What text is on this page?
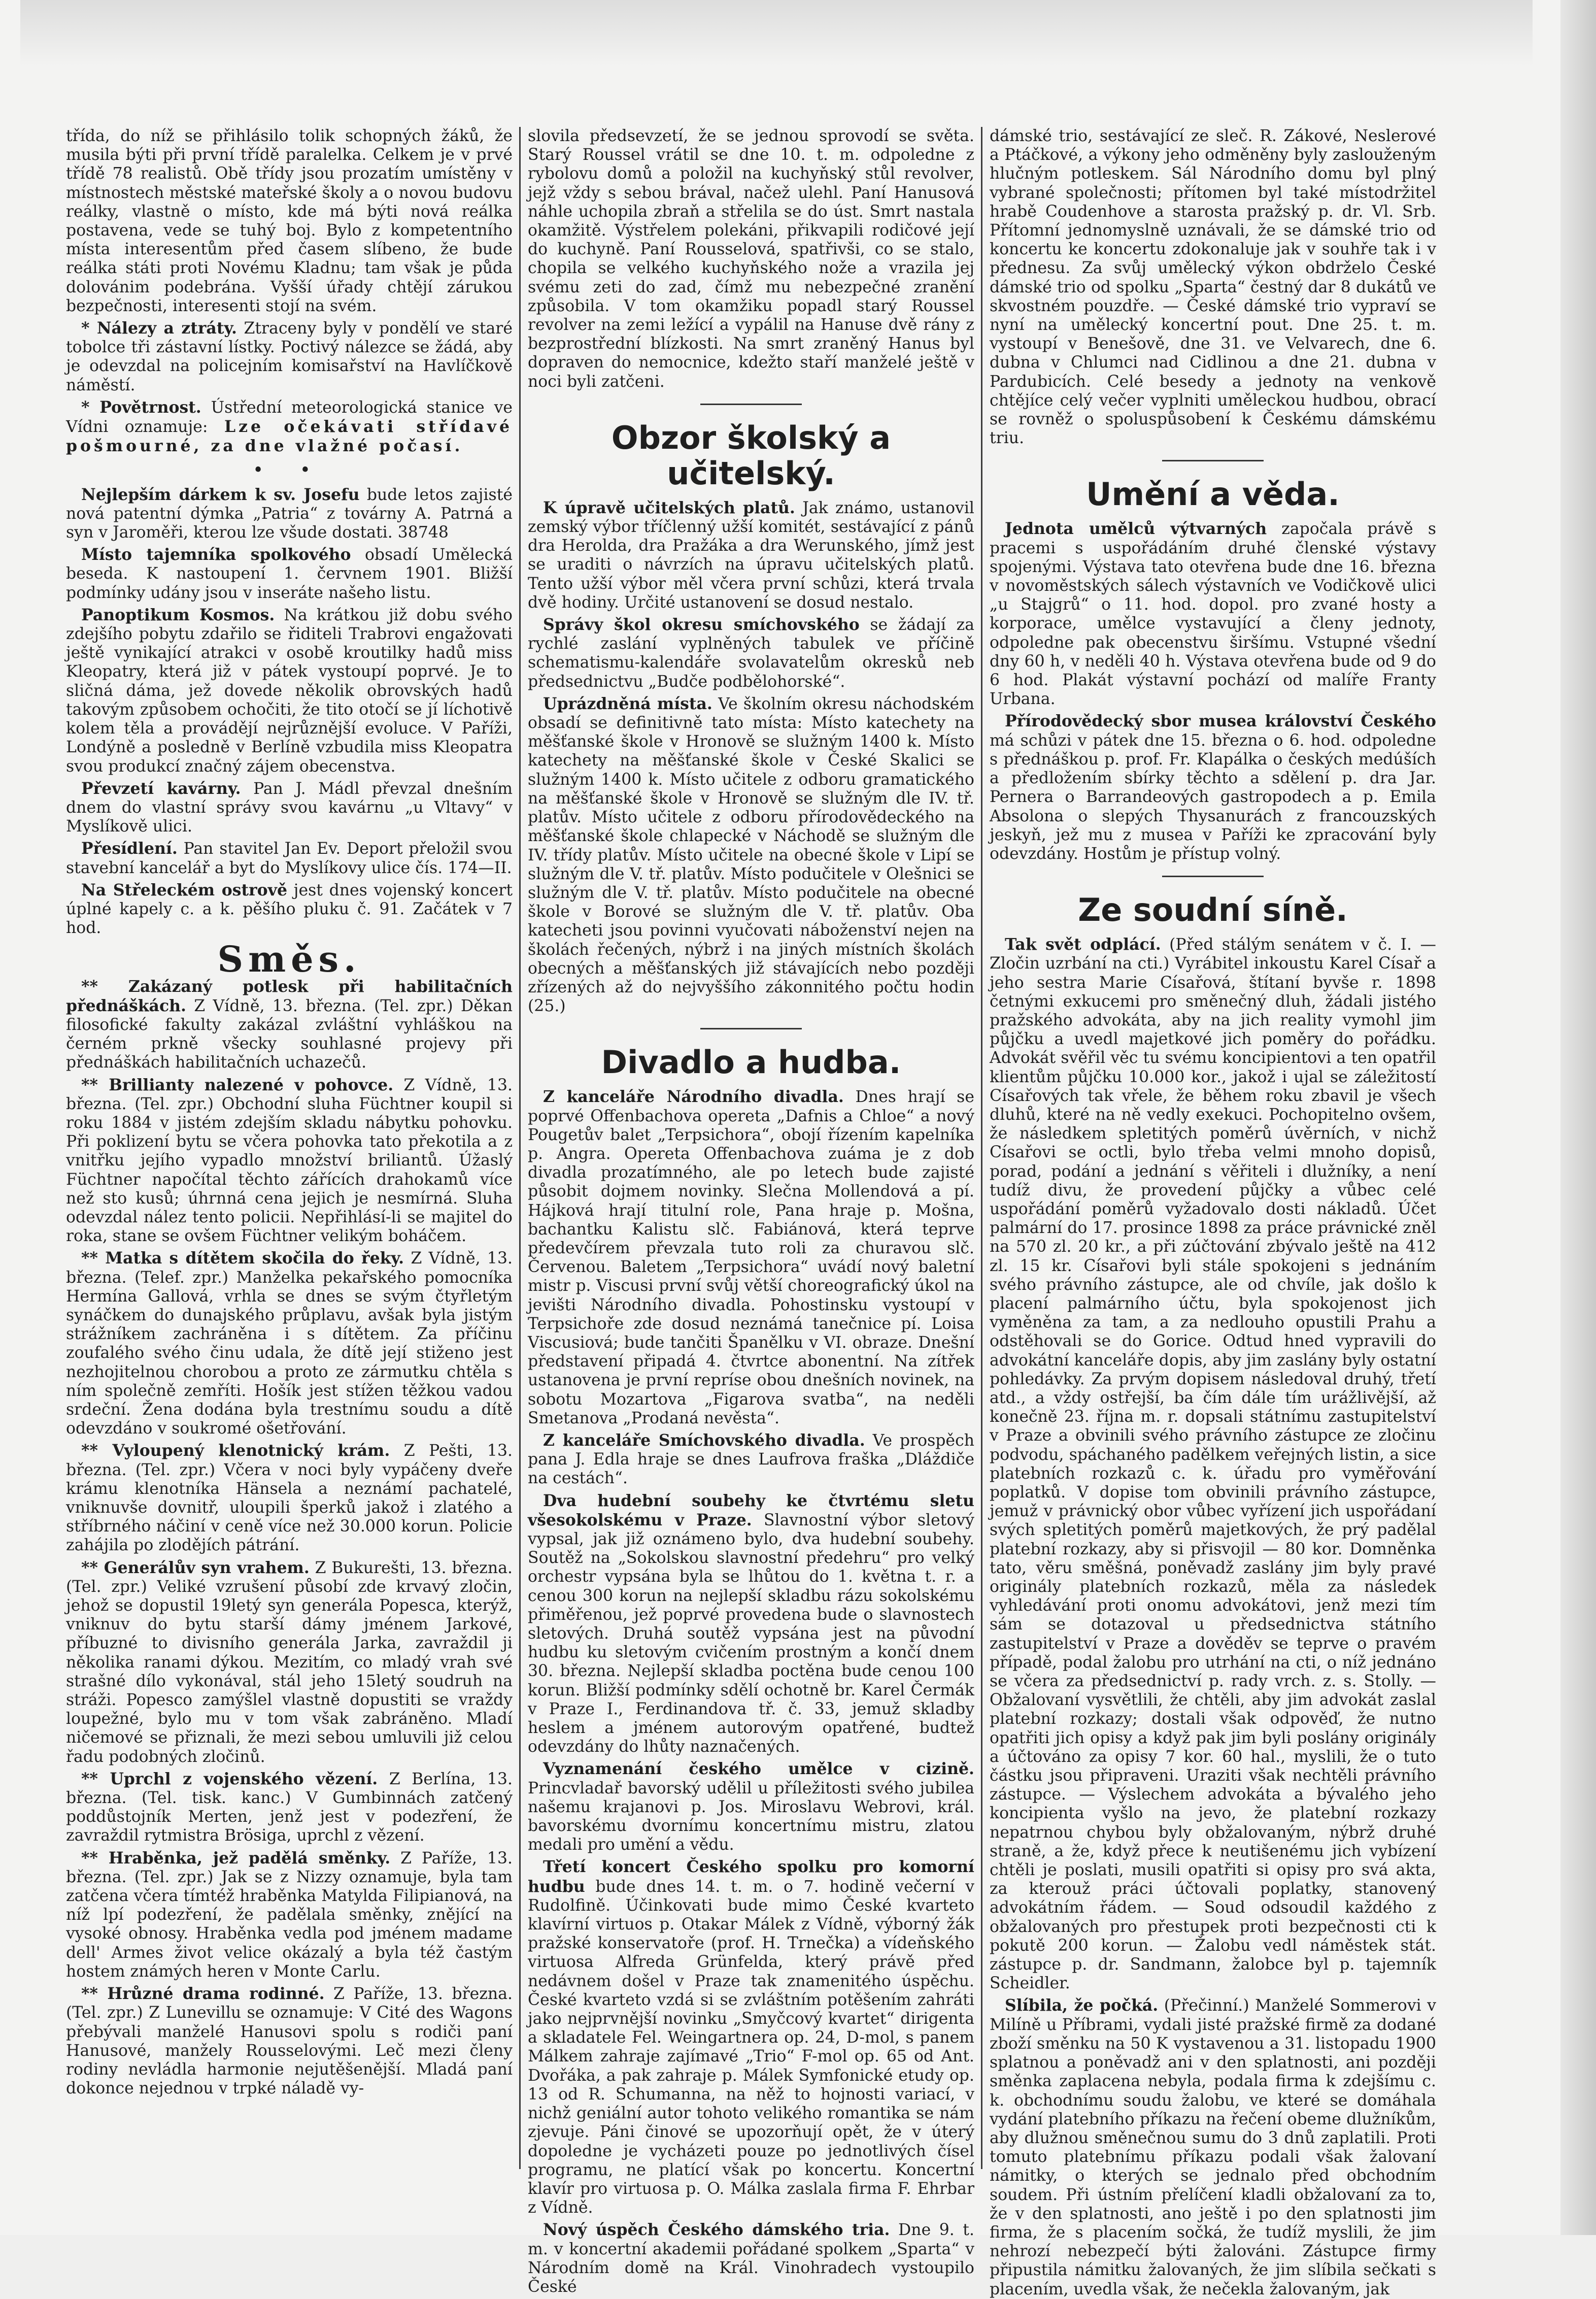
třída, do níž se přihlásilo tolik schopných žáků, že musila býti při první třídě paralelka. Celkem je v prvé třídě 78 realistů. Obě třídy jsou prozatím umístěny v místnostech městské mateřské školy a o novou budovu reálky, vlastně o místo, kde má býti nová reálka postavena, vede se tuhý boj. Bylo z kompetentního místa interesentům před časem slíbeno, že bude reálka státi proti Novému Kladnu; tam však je půda dolovánim podebrána. Vyšší úřady chtějí zárukou bezpečnosti, interesenti stojí na svém.

* Nálezy a ztráty. Ztraceny byly v pondělí ve staré tobolce tři zástavní lístky. Poctivý nálezce se žádá, aby je odevzdal na policejním komisařství na Havlíčkově náměstí.

* Povětrnost. Ústřední meteorologická stanice ve Vídni oznamuje: Lze očekávati střídavé pošmourné, za dne vlažné počasí.

• •

Nejlepším dárkem k sv. Josefu bude letos zajisté nová patentní dýmka „Patria“ z továrny A. Patrná a syn v Jaroměři, kterou lze všude dostati. 38748

Místo tajemníka spolkového obsadí Umělecká beseda. K nastoupení 1. červnem 1901. Bližší podmínky udány jsou v inseráte našeho listu.

Panoptikum Kosmos. Na krátkou již dobu svého zdejšího pobytu zdařilo se řiditeli Trabrovi engažovati ještě vynikající atrakci v osobě kroutilky hadů miss Kleopatry, která již v pátek vystoupí poprvé. Je to sličná dáma, jež dovede několik obrovských hadů takovým způsobem ochočiti, že tito otočí se jí líchotivě kolem těla a provádějí nejrůznější evoluce. V Paříži, Londýně a posledně v Berlíně vzbudila miss Kleopatra svou produkcí značný zájem obecenstva.

Převzetí kavárny. Pan J. Mádl převzal dnešním dnem do vlastní správy svou kavárnu „u Vltavy“ v Myslíkově ulici.

Přesídlení. Pan stavitel Jan Ev. Deport přeložil svou stavební kancelář a byt do Myslíkovy ulice čís. 174—II.

Na Střeleckém ostrově jest dnes vojenský koncert úplné kapely c. a k. pěšího pluku č. 91. Začátek v 7 hod.

Směs.

** Zakázaný potlesk při habilitačních přednáškách. Z Vídně, 13. března. (Tel. zpr.) Děkan filosofické fakulty zakázal zvláštní vyhláškou na černém prkně všecky souhlasné projevy při přednáškách habilitačních uchazečů.

** Brillianty nalezené v pohovce. Z Vídně, 13. března. (Tel. zpr.) Obchodní sluha Füchtner koupil si roku 1884 v jistém zdejším skladu nábytku pohovku. Při poklizení bytu se včera pohovka tato překotila a z vnitřku jejího vypadlo množství briliantů. Úžaslý Füchtner napočítal těchto zářících drahokamů více než sto kusů; úhrnná cena jejich je nesmírná. Sluha odevzdal nález tento policii. Nepřihlásí-li se majitel do roka, stane se ovšem Füchtner velikým boháčem.

** Matka s dítětem skočila do řeky. Z Vídně, 13. března. (Telef. zpr.) Manželka pekařského pomocníka Hermína Gallová, vrhla se dnes se svým čtyřletým synáčkem do dunajského průplavu, avšak byla jistým strážníkem zachráněna i s dítětem. Za příčinu zoufalého svého činu udala, že dítě její stiženo jest nezhojitelnou chorobou a proto ze zármutku chtěla s ním společně zemříti. Hošík jest stížen těžkou vadou srdeční. Žena dodána byla trestnímu soudu a dítě odevzdáno v soukromé ošetřování.

** Vyloupený klenotnický krám. Z Pešti, 13. března. (Tel. zpr.) Včera v noci byly vypáčeny dveře krámu klenotníka Hänsela a neznámí pachatelé, vniknuvše dovnitř, uloupili šperků jakož i zlatého a stříbrného náčiní v ceně více než 30.000 korun. Policie zahájila po zlodějích pátrání.

** Generálův syn vrahem. Z Bukurešti, 13. března. (Tel. zpr.) Veliké vzrušení působí zde krvavý zločin, jehož se dopustil 19letý syn generála Popesca, kterýž, vniknuv do bytu starší dámy jménem Jarkové, příbuzné to divisního generála Jarka, zavraždil ji několika ranami dýkou. Mezitím, co mladý vrah své strašné dílo vykonával, stál jeho 15letý soudruh na stráži. Popesco zamýšlel vlastně dopustiti se vraždy loupežné, bylo mu v tom však zabráněno. Mladí ničemové se přiznali, že mezi sebou umluvili již celou řadu podobných zločinů.

** Uprchl z vojenského vězení. Z Berlína, 13. března. (Tel. tisk. kanc.) V Gumbinnách zatčený poddůstojník Merten, jenž jest v podezření, že zavraždil rytmistra Brösiga, uprchl z vězení.

** Hraběnka, jež padělá směnky. Z Paříže, 13. března. (Tel. zpr.) Jak se z Nizzy oznamuje, byla tam zatčena včera tímtéž hraběnka Matylda Filipianová, na níž lpí podezření, že padělala směnky, znějící na vysoké obnosy. Hraběnka vedla pod jménem madame dell' Armes život velice okázalý a byla též častým hostem známých heren v Monte Carlu.

** Hrůzné drama rodinné. Z Paříže, 13. března. (Tel. zpr.) Z Lunevillu se oznamuje: V Cité des Wagons přebývali manželé Hanusovi spolu s rodiči paní Hanusové, manžely Rousselovými. Leč mezi členy rodiny nevládla harmonie nejutěšenější. Mladá paní dokonce nejednou v trpké náladě vy-

slovila předsevzetí, že se jednou sprovodí se světa. Starý Roussel vrátil se dne 10. t. m. odpoledne z rybolovu domů a položil na kuchyňský stůl revolver, jejž vždy s sebou brával, načež ulehl. Paní Hanusová náhle uchopila zbraň a střelila se do úst. Smrt nastala okamžitě. Výstřelem polekáni, přikvapili rodičové její do kuchyně. Paní Rousselová, spatřivši, co se stalo, chopila se velkého kuchyňského nože a vrazila jej svému zeti do zad, čímž mu nebezpečné zranění způsobila. V tom okamžiku popadl starý Roussel revolver na zemi ležící a vypálil na Hanuse dvě rány z bezprostřední blízkosti. Na smrt zraněný Hanus byl dopraven do nemocnice, kdežto staří manželé ještě v noci byli zatčeni.

Obzor školský a učitelský.

K úpravě učitelských platů. Jak známo, ustanovil zemský výbor tříčlenný užší komitét, sestávající z pánů dra Herolda, dra Pražáka a dra Werunského, jímž jest se uraditi o návrzích na úpravu učitelských platů. Tento užší výbor měl včera první schůzi, která trvala dvě hodiny. Určité ustanovení se dosud nestalo.

Správy škol okresu smíchovského se žádají za rychlé zaslání vyplněných tabulek ve příčině schematismu-kalendáře svolavatelům okresků neb předsednictvu „Budče podbělohorské“.

Uprázdněná místa. Ve školním okresu náchodském obsadí se definitivně tato místa: Místo katechety na měšťanské škole v Hronově se služným 1400 k. Místo katechety na měšťanské škole v České Skalici se služným 1400 k. Místo učitele z odboru gramatického na měšťanské škole v Hronově se služným dle IV. tř. platův. Místo učitele z odboru přírodovědeckého na měšťanské škole chlapecké v Náchodě se služným dle IV. třídy platův. Místo učitele na obecné škole v Lipí se služným dle V. tř. platův. Místo podučitele v Olešnici se služným dle V. tř. platův. Místo podučitele na obecné škole v Borové se služným dle V. tř. platův. Oba katecheti jsou povinni vyučovati náboženství nejen na školách řečených, nýbrž i na jiných místních školách obecných a měšťanských již stávajících nebo později zřízených až do nejvyššího zákonnitého počtu hodin (25.)

Divadlo a hudba.

Z kanceláře Národního divadla. Dnes hrají se poprvé Offenbachova opereta „Dafnis a Chloe“ a nový Pougetův balet „Terpsichora“, obojí řízením kapelníka p. Angra. Opereta Offenbachova zuáma je z dob divadla prozatímného, ale po letech bude zajisté působit dojmem novinky. Slečna Mollendová a pí. Hájková hrají titulní role, Pana hraje p. Mošna, bachantku Kalistu slč. Fabiánová, která teprve předevčírem převzala tuto roli za churavou slč. Červenou. Baletem „Terpsichora“ uvádí nový baletní mistr p. Viscusi první svůj větší choreografický úkol na jevišti Národního divadla. Pohostinsku vystoupí v Terpsichoře zde dosud neznámá tanečnice pí. Loisa Viscusiová; bude tančiti Španělku v VI. obraze. Dnešní představení připadá 4. čtvrtce abonentní. Na zítřek ustanovena je první repríse obou dnešních novinek, na sobotu Mozartova „Figarova svatba“, na neděli Smetanova „Prodaná nevěsta“.

Z kanceláře Smíchovského divadla. Ve prospěch pana J. Edla hraje se dnes Laufrova fraška „Dláždiče na cestách“.

Dva hudební soubehy ke čtvrtému sletu všesokolskému v Praze. Slavnostní výbor sletový vypsal, jak již oznámeno bylo, dva hudební soubehy. Soutěž na „Sokolskou slavnostní předehru“ pro velký orchestr vypsána byla se lhůtou do 1. května t. r. a cenou 300 korun na nejlepší skladbu rázu sokolskému přiměřenou, jež poprvé provedena bude o slavnostech sletových. Druhá soutěž vypsána jest na původní hudbu ku sletovým cvičením prostným a končí dnem 30. března. Nejlepší skladba poctěna bude cenou 100 korun. Bližší podmínky sdělí ochotně br. Karel Čermák v Praze I., Ferdinandova tř. č. 33, jemuž skladby heslem a jménem autorovým opatřené, budtež odevzdány do lhůty naznačených.

Vyznamenání českého umělce v cizině. Princvladař bavorský udělil u příležitosti svého jubilea našemu krajanovi p. Jos. Miroslavu Webrovi, král. bavorskému dvornímu koncertnímu mistru, zlatou medali pro umění a vědu.

Třetí koncert Českého spolku pro komorní hudbu bude dnes 14. t. m. o 7. hodině večerní v Rudolfině. Účinkovati bude mimo České kvarteto klavírní virtuos p. Otakar Málek z Vídně, výborný žák pražské konservatoře (prof. H. Trnečka) a vídeňského virtuosa Alfreda Grünfelda, který právě před nedávnem došel v Praze tak znamenitého úspěchu. České kvarteto vzdá si se zvláštním potěšením zahráti jako nejprvnější novinku „Smyčcový kvartet“ dirigenta a skladatele Fel. Weingartnera op. 24, D-mol, s panem Málkem zahraje zajímavé „Trio“ F-mol op. 65 od Ant. Dvořáka, a pak zahraje p. Málek Symfonické etudy op. 13 od R. Schumanna, na něž to hojnosti variací, v nichž geniální autor tohoto velikého romantika se nám zjevuje. Páni činové se upozorňují opět, že v úterý dopoledne je vycházeti pouze po jednotlivých čísel programu, ne platící však po koncertu. Koncertní klavír pro virtuosa p. O. Málka zaslala firma F. Ehrbar z Vídně.

Nový úspěch Českého dámského tria. Dne 9. t. m. v koncertní akademii pořádané spolkem „Sparta“ v Národním domě na Král. Vinohradech vystoupilo České

dámské trio, sestávající ze sleč. R. Zákové, Neslerové a Ptáčkové, a výkony jeho odměněny byly zaslouženým hlučným potleskem. Sál Národního domu byl plný vybrané společnosti; přítomen byl také místodržitel hrabě Coudenhove a starosta pražský p. dr. Vl. Srb. Přítomní jednomyslně uznávali, že se dámské trio od koncertu ke koncertu zdokonaluje jak v souhře tak i v přednesu. Za svůj umělecký výkon obdrželo České dámské trio od spolku „Sparta“ čestný dar 8 dukátů ve skvostném pouzdře. — České dámské trio vypraví se nyní na umělecký koncertní pout. Dne 25. t. m. vystoupí v Benešově, dne 31. ve Velvarech, dne 6. dubna v Chlumci nad Cidlinou a dne 21. dubna v Pardubicích. Celé besedy a jednoty na venkově chtějíce celý večer vyplniti uměleckou hudbou, obrací se rovněž o spoluspůsobení k Českému dámskému triu.

Umění a věda.

Jednota umělců výtvarných započala právě s pracemi s uspořádáním druhé členské výstavy spojenými. Výstava tato otevřena bude dne 16. března v novoměstských sálech výstavních ve Vodičkově ulici „u Stajgrů“ o 11. hod. dopol. pro zvané hosty a korporace, umělce vystavující a členy jednoty, odpoledne pak obecenstvu širšímu. Vstupné všední dny 60 h, v neděli 40 h. Výstava otevřena bude od 9 do 6 hod. Plakát výstavní pochází od malíře Franty Urbana.

Přírodovědecký sbor musea království Českého má schůzi v pátek dne 15. března o 6. hod. odpoledne s přednáškou p. prof. Fr. Klapálka o českých medúších a předložením sbírky těchto a sdělení p. dra Jar. Pernera o Barrandeových gastropodech a p. Emila Absolona o slepých Thysanurách z francouzských jeskyň, jež mu z musea v Paříži ke zpracování byly odevzdány. Hostům je přístup volný.

Ze soudní síně.

Tak svět odplácí. (Před stálým senátem v č. I. — Zločin uzrbání na cti.) Vyrábitel inkoustu Karel Císař a jeho sestra Marie Císařová, štítaní byvše r. 1898 četnými exkucemi pro směnečný dluh, žádali jistého pražského advokáta, aby na jich reality vymohl jim půjčku a uvedl majetkové jich poměry do pořádku. Advokát svěřil věc tu svému koncipientovi a ten opatřil klientům půjčku 10.000 kor., jakož i ujal se záležitostí Císařových tak vřele, že během roku zbavil je všech dluhů, které na ně vedly exekuci. Pochopitelno ovšem, že následkem spletitých poměrů úvěrních, v nichž Císařovi se octli, bylo třeba velmi mnoho dopisů, porad, podání a jednání s věřiteli i dlužníky, a není tudíž divu, že provedení půjčky a vůbec celé uspořádání poměrů vyžadovalo dosti nákladů. Účet palmární do 17. prosince 1898 za práce právnické zněl na 570 zl. 20 kr., a při zúčtování zbývalo ještě na 412 zl. 15 kr. Císařovi byli stále spokojeni s jednáním svého právního zástupce, ale od chvíle, jak došlo k placení palmárního účtu, byla spokojenost jich vyměněna za tam, a za nedlouho opustili Prahu a odstěhovali se do Gorice. Odtud hned vypravili do advokátní kanceláře dopis, aby jim zaslány byly ostatní pohledávky. Za prvým dopisem následoval druhý, třetí atd., a vždy ostřejší, ba čím dále tím urážlivější, až konečně 23. října m. r. dopsali státnímu zastupitelství v Praze a obvinili svého právního zástupce ze zločinu podvodu, spáchaného padělkem veřejných listin, a sice platebních rozkazů c. k. úřadu pro vyměřování poplatků. V dopise tom obvinili právního zástupce, jemuž v právnický obor vůbec vyřízení jich uspořádaní svých spletitých poměrů majetkových, že prý padělal platební rozkazy, aby si přisvojil — 80 kor. Domněnka tato, věru směšná, poněvadž zaslány jim byly pravé originály platebních rozkazů, měla za následek vyhledávání proti onomu advokátovi, jenž mezi tím sám se dotazoval u předsednictva státního zastupitelství v Praze a dověděv se teprve o pravém případě, podal žalobu pro utrhání na cti, o níž jednáno se včera za předsednictví p. rady vrch. z. s. Stolly. — Obžalovaní vysvětlili, že chtěli, aby jim advokát zaslal platební rozkazy; dostali však odpověď, že nutno opatřiti jich opisy a když pak jim byli poslány originály a účtováno za opisy 7 kor. 60 hal., myslili, že o tuto částku jsou připraveni. Uraziti však nechtěli právního zástupce. — Výslechem advokáta a bývalého jeho koncipienta vyšlo na jevo, že platební rozkazy nepatrnou chybou byly obžalovaným, nýbrž druhé straně, a že, když přece k neutišenému jich vybízení chtěli je poslati, musili opatřiti si opisy pro svá akta, za kterouž práci účtovali poplatky, stanovený advokátním řádem. — Soud odsoudil každého z obžalovaných pro přestupek proti bezpečnosti cti k pokutě 200 korun. — Žalobu vedl náměstek stát. zástupce p. dr. Sandmann, žalobce byl p. tajemník Scheidler.

Slíbila, že počká. (Přečinní.) Manželé Sommerovi v Milíně u Příbrami, vydali jisté pražské firmě za dodané zboží směnku na 50 K vystavenou a 31. listopadu 1900 splatnou a poněvadž ani v den splatnosti, ani později směnka zaplacena nebyla, podala firma k zdejšímu c. k. obchodnímu soudu žalobu, ve které se domáhala vydání platebního příkazu na řečení obeme dlužníkům, aby dlužnou směnečnou sumu do 3 dnů zaplatili. Proti tomuto platebnímu příkazu podali však žalovaní námitky, o kterých se jednalo před obchodním soudem. Při ústním přelíčení kladli obžalovaní za to, že v den splatnosti, ano ještě i po den splatnosti jim firma, že s placením sočká, že tudíž myslili, že jim nehrozí nebezpečí býti žalováni. Zástupce firmy připustila námitku žalovaných, že jim slíbila sečkati s placením, uvedla však, že nečekla žalovaným, jak
